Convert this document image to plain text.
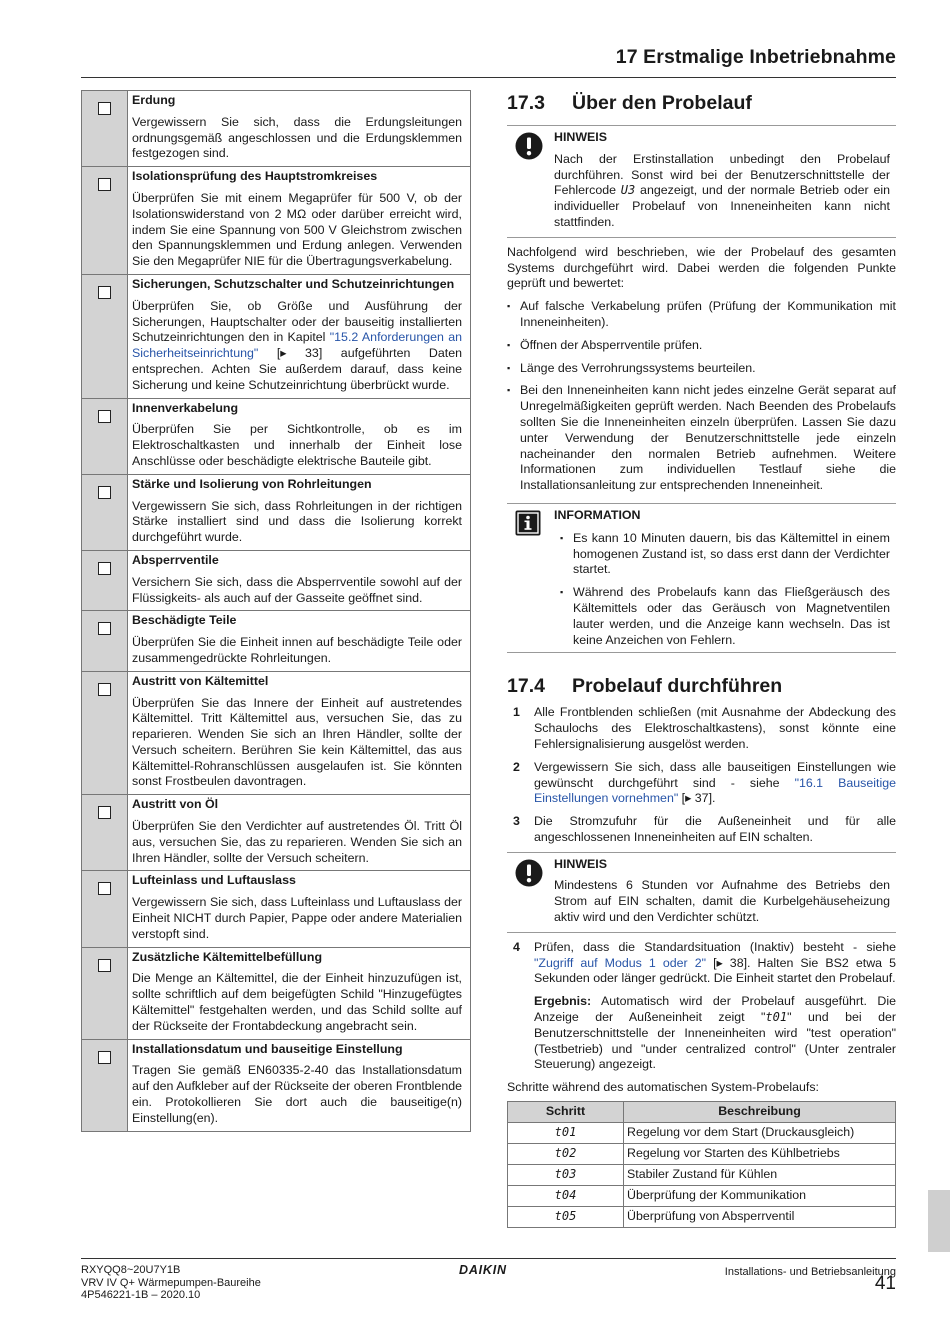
17 Erstmalige Inbetriebnahme

	Erdung
Vergewissern Sie sich, dass die Erdungsleitungen ordnungsgemäß angeschlossen und die Erdungsklemmen festgezogen sind.

	Isolationsprüfung des Hauptstromkreises
Überprüfen Sie mit einem Megaprüfer für 500 V, ob der Isolationswiderstand von 2 MΩ oder darüber erreicht wird, indem Sie eine Spannung von 500 V Gleichstrom zwischen den Spannungsklemmen und Erdung anlegen. Verwenden Sie den Megaprüfer NIE für die Übertragungsverkabelung.

	Sicherungen, Schutzschalter und Schutzeinrichtungen
Überprüfen Sie, ob Größe und Ausführung der Sicherungen, Hauptschalter oder der bauseitig installierten Schutzeinrichtungen den in Kapitel "15.2 Anforderungen an Sicherheitseinrichtung" [▸ 33] aufgeführten Daten entsprechen. Achten Sie außerdem darauf, dass keine Sicherung und keine Schutzeinrichtung überbrückt wurde.

	Innenverkabelung
Überprüfen Sie per Sichtkontrolle, ob es im Elektroschaltkasten und innerhalb der Einheit lose Anschlüsse oder beschädigte elektrische Bauteile gibt.

	Stärke und Isolierung von Rohrleitungen
Vergewissern Sie sich, dass Rohrleitungen in der richtigen Stärke installiert sind und dass die Isolierung korrekt durchgeführt wurde.

	Absperrventile
Versichern Sie sich, dass die Absperrventile sowohl auf der Flüssigkeits- als auch auf der Gasseite geöffnet sind.

	Beschädigte Teile
Überprüfen Sie die Einheit innen auf beschädigte Teile oder zusammengedrückte Rohrleitungen.

	Austritt von Kältemittel
Überprüfen Sie das Innere der Einheit auf austretendes Kältemittel. Tritt Kältemittel aus, versuchen Sie, das zu reparieren. Wenden Sie sich an Ihren Händler, sollte der Versuch scheitern. Berühren Sie kein Kältemittel, das aus Kältemittel-Rohranschlüssen ausgelaufen ist. Sie könnten sonst Frostbeulen davontragen.

	Austritt von Öl
Überprüfen Sie den Verdichter auf austretendes Öl. Tritt Öl aus, versuchen Sie, das zu reparieren. Wenden Sie sich an Ihren Händler, sollte der Versuch scheitern.

	Lufteinlass und Luftauslass
Vergewissern Sie sich, dass Lufteinlass und Luftauslass der Einheit NICHT durch Papier, Pappe oder andere Materialien verstopft sind.

	Zusätzliche Kältemittelbefüllung
Die Menge an Kältemittel, die der Einheit hinzuzufügen ist, sollte schriftlich auf dem beigefügten Schild "Hinzugefügtes Kältemittel" festgehalten werden, und das Schild sollte auf der Rückseite der Frontabdeckung angebracht sein.

	Installationsdatum und bauseitige Einstellung
Tragen Sie gemäß EN60335-2-40 das Installationsdatum auf den Aufkleber auf der Rückseite der oberen Frontblende ein. Protokollieren Sie dort auch die bauseitige(n) Einstellung(en).
17.3	Über den Probelauf
HINWEIS
Nach der Erstinstallation unbedingt den Probelauf durchführen. Sonst wird bei der Benutzerschnittstelle der Fehlercode U3 angezeigt, und der normale Betrieb oder ein individueller Probelauf von Inneneinheiten kann nicht stattfinden.
Nachfolgend wird beschrieben, wie der Probelauf des gesamten Systems durchgeführt wird. Dabei werden die folgenden Punkte geprüft und bewertet:
▪ Auf falsche Verkabelung prüfen (Prüfung der Kommunikation mit Inneneinheiten).
▪ Öffnen der Absperrventile prüfen.
▪ Länge des Verrohrungssystems beurteilen.
▪ Bei den Inneneinheiten kann nicht jedes einzelne Gerät separat auf Unregelmäßigkeiten geprüft werden. Nach Beenden des Probelaufs sollten Sie die Inneneinheiten einzeln überprüfen. Lassen Sie dazu unter Verwendung der Benutzerschnittstelle jede einzeln nacheinander den normalen Betrieb aufnehmen. Weitere Informationen zum individuellen Testlauf siehe die Installationsanleitung zur entsprechenden Inneneinheit.
INFORMATION
▪ Es kann 10 Minuten dauern, bis das Kältemittel in einem homogenen Zustand ist, so dass erst dann der Verdichter startet.
▪ Während des Probelaufs kann das Fließgeräusch des Kältemittels oder das Geräusch von Magnetventilen lauter werden, und die Anzeige kann wechseln. Das ist keine Anzeichen von Fehlern.
17.4	Probelauf durchführen
1 Alle Frontblenden schließen (mit Ausnahme der Abdeckung des Schaulochs des Elektroschaltkastens), sonst könnte eine Fehlersignalisierung ausgelöst werden.
2 Vergewissern Sie sich, dass alle bauseitigen Einstellungen wie gewünscht durchgeführt sind - siehe "16.1 Bauseitige Einstellungen vornehmen" [▸ 37].
3 Die Stromzufuhr für die Außeneinheit und für alle angeschlossenen Inneneinheiten auf EIN schalten.
HINWEIS
Mindestens 6 Stunden vor Aufnahme des Betriebs den Strom auf EIN schalten, damit die Kurbelgehäuseheizung aktiv wird und den Verdichter schützt.
4 Prüfen, dass die Standardsituation (Inaktiv) besteht - siehe "Zugriff auf Modus 1 oder 2" [▸ 38]. Halten Sie BS2 etwa 5 Sekunden oder länger gedrückt. Die Einheit startet den Probelauf.
Ergebnis: Automatisch wird der Probelauf ausgeführt. Die Anzeige der Außeneinheit zeigt "t01" und bei der Benutzerschnittstelle der Inneneinheiten wird "test operation" (Testbetrieb) und "under centralized control" (Unter zentraler Steuerung) angezeigt.
Schritte während des automatischen System-Probelaufs:
Schritt	Beschreibung
t01	Regelung vor dem Start (Druckausgleich)
t02	Regelung vor Starten des Kühlbetriebs
t03	Stabiler Zustand für Kühlen
t04	Überprüfung der Kommunikation
t05	Überprüfung von Absperrventil
RXYQQ8~20U7Y1B
VRV IV Q+ Wärmepumpen-Baureihe
4P546221-1B – 2020.10
DAIKIN	Installations- und Betriebsanleitung
41
